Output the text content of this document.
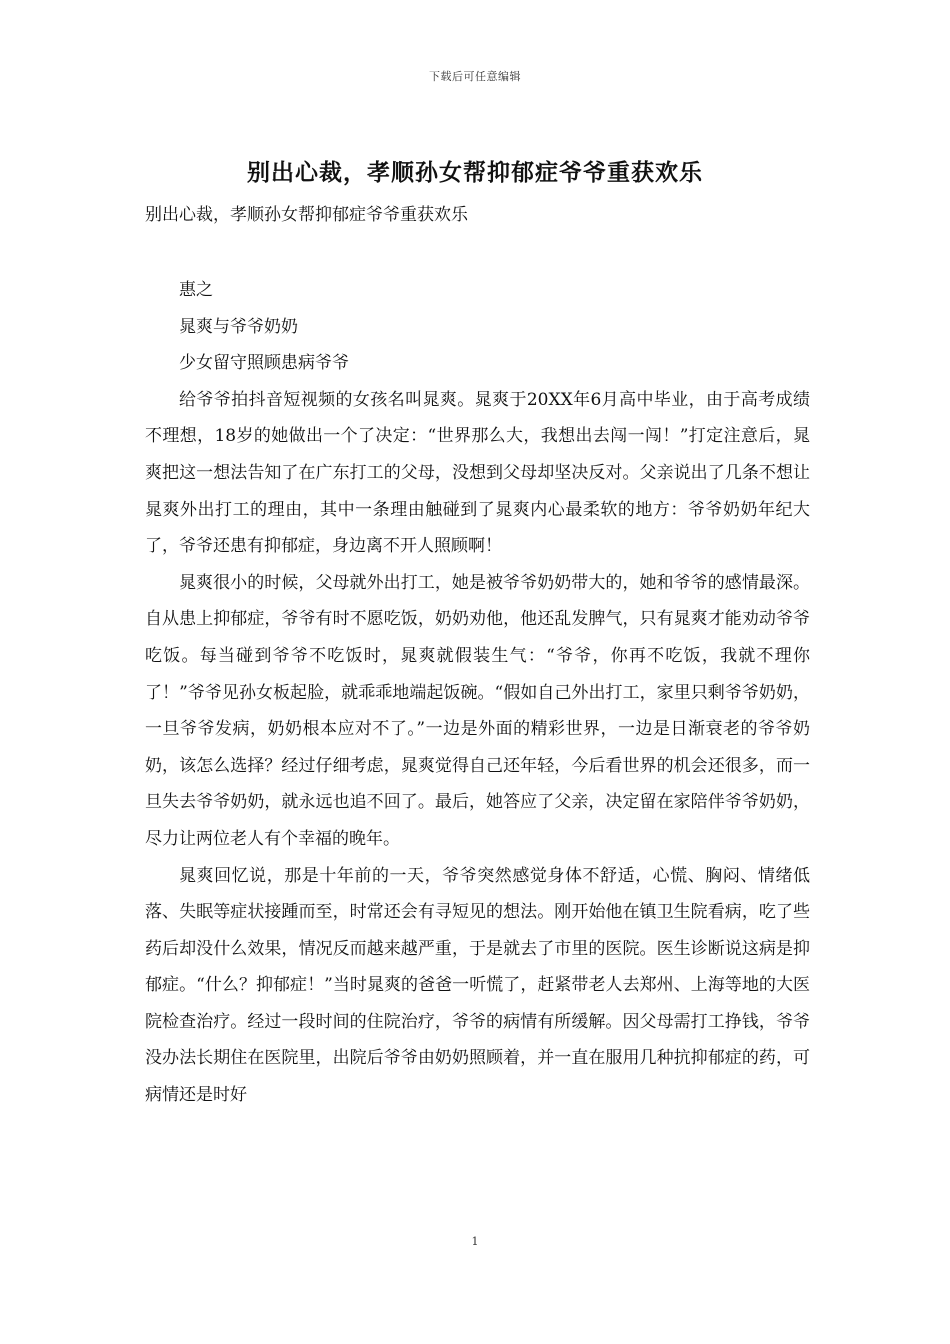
下载后可任意编辑
别出心裁，孝顺孙女帮抑郁症爷爷重获欢乐
别出心裁，孝顺孙女帮抑郁症爷爷重获欢乐

惠之

晁爽与爷爷奶奶

少女留守照顾患病爷爷

给爷爷拍抖音短视频的女孩名叫晁爽。晁爽于20XX年6月高中毕业，由于高考成绩不理想，18岁的她做出一个了决定：“世界那么大，我想出去闯一闯！”打定注意后，晁爽把这一想法告知了在广东打工的父母，没想到父母却坚决反对。父亲说出了几条不想让晁爽外出打工的理由，其中一条理由触碰到了晁爽内心最柔软的地方：爷爷奶奶年纪大了，爷爷还患有抑郁症，身边离不开人照顾啊！

晁爽很小的时候，父母就外出打工，她是被爷爷奶奶带大的，她和爷爷的感情最深。自从患上抑郁症，爷爷有时不愿吃饭，奶奶劝他，他还乱发脾气，只有晁爽才能劝动爷爷吃饭。每当碰到爷爷不吃饭时，晁爽就假装生气：“爷爷，你再不吃饭，我就不理你了！”爷爷见孙女板起脸，就乖乖地端起饭碗。“假如自己外出打工，家里只剩爷爷奶奶，一旦爷爷发病，奶奶根本应对不了。”一边是外面的精彩世界，一边是日渐衰老的爷爷奶奶，该怎么选择？经过仔细考虑，晁爽觉得自己还年轻，今后看世界的机会还很多，而一旦失去爷爷奶奶，就永远也追不回了。最后，她答应了父亲，决定留在家陪伴爷爷奶奶，尽力让两位老人有个幸福的晚年。

晁爽回忆说，那是十年前的一天，爷爷突然感觉身体不舒适，心慌、胸闷、情绪低落、失眠等症状接踵而至，时常还会有寻短见的想法。刚开始他在镇卫生院看病，吃了些药后却没什么效果，情况反而越来越严重，于是就去了市里的医院。医生诊断说这病是抑郁症。“什么？抑郁症！”当时晁爽的爸爸一听慌了，赶紧带老人去郑州、上海等地的大医院检查治疗。经过一段时间的住院治疗，爷爷的病情有所缓解。因父母需打工挣钱，爷爷没办法长期住在医院里，出院后爷爷由奶奶照顾着，并一直在服用几种抗抑郁症的药，可病情还是时好

1
